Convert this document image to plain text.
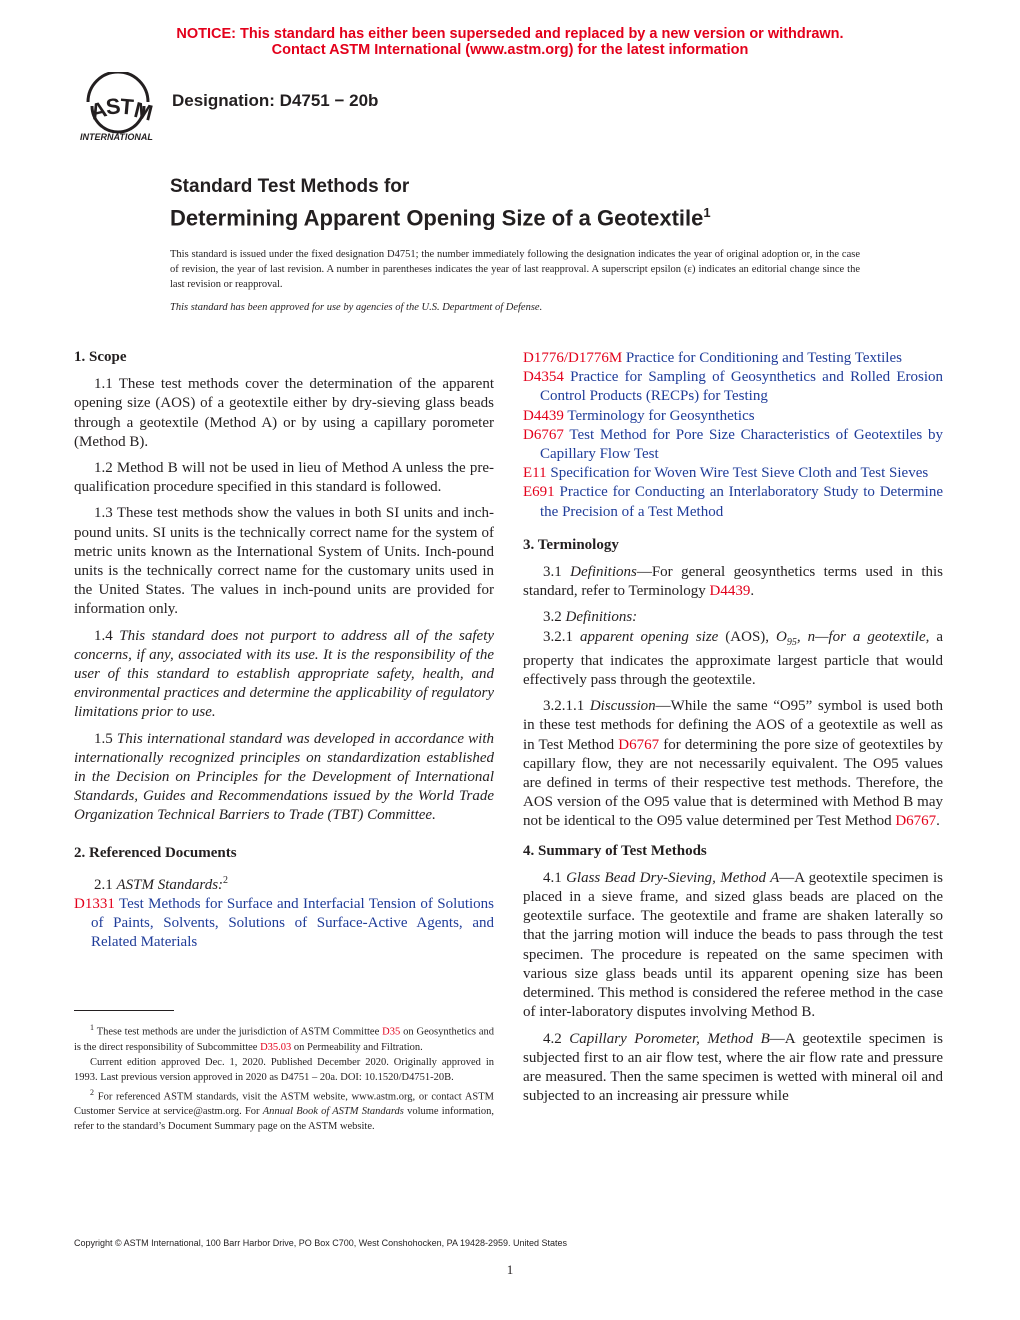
NOTICE: This standard has either been superseded and replaced by a new version or withdrawn.
Contact ASTM International (www.astm.org) for the latest information
A
S
T
M
INTERNATIONAL
Designation: D4751 − 20b
Standard Test Methods for
Determining Apparent Opening Size of a Geotextile$^1$
This standard is issued under the fixed designation D4751; the number immediately following the designation indicates the year of original adoption or, in the case of revision, the year of last revision. A number in parentheses indicates the year of last reapproval. A superscript epsilon (ε) indicates an editorial change since the last revision or reapproval.
This standard has been approved for use by agencies of the U.S. Department of Defense.
1. Scope

1.1 These test methods cover the determination of the apparent opening size (AOS) of a geotextile either by dry-sieving glass beads through a geotextile (Method A) or by using a capillary porometer (Method B).

1.2 Method B will not be used in lieu of Method A unless the pre-qualification procedure specified in this standard is followed.

1.3 These test methods show the values in both SI units and inch-pound units. SI units is the technically correct name for the system of metric units known as the International System of Units. Inch-pound units is the technically correct name for the customary units used in the United States. The values in inch-pound units are provided for information only.

1.4 This standard does not purport to address all of the safety concerns, if any, associated with its use. It is the responsibility of the user of this standard to establish appropriate safety, health, and environmental practices and determine the applicability of regulatory limitations prior to use.

1.5 This international standard was developed in accordance with internationally recognized principles on standardization established in the Decision on Principles for the Development of International Standards, Guides and Recommendations issued by the World Trade Organization Technical Barriers to Trade (TBT) Committee.

2. Referenced Documents

2.1 ASTM Standards:$^2$

D1331 Test Methods for Surface and Interfacial Tension of Solutions of Paints, Solvents, Solutions of Surface-Active Agents, and Related Materials

D1776/D1776M Practice for Conditioning and Testing Textiles

D4354 Practice for Sampling of Geosynthetics and Rolled Erosion Control Products (RECPs) for Testing

D4439 Terminology for Geosynthetics

D6767 Test Method for Pore Size Characteristics of Geotextiles by Capillary Flow Test

E11 Specification for Woven Wire Test Sieve Cloth and Test Sieves

E691 Practice for Conducting an Interlaboratory Study to Determine the Precision of a Test Method

3. Terminology

3.1 Definitions—For general geosynthetics terms used in this standard, refer to Terminology D4439.

3.2 Definitions:

3.2.1 apparent opening size (AOS), $O_{95}$, n—for a geotextile, a property that indicates the approximate largest particle that would effectively pass through the geotextile.

3.2.1.1 Discussion—While the same “O95” symbol is used both in these test methods for defining the AOS of a geotextile as well as in Test Method D6767 for determining the pore size of geotextiles by capillary flow, they are not necessarily equivalent. The O95 values are defined in terms of their respective test methods. Therefore, the AOS version of the O95 value that is determined with Method B may not be identical to the O95 value determined per Test Method D6767.

4. Summary of Test Methods

4.1 Glass Bead Dry-Sieving, Method A—A geotextile specimen is placed in a sieve frame, and sized glass beads are placed on the geotextile surface. The geotextile and frame are shaken laterally so that the jarring motion will induce the beads to pass through the test specimen. The procedure is repeated on the same specimen with various size glass beads until its apparent opening size has been determined. This method is considered the referee method in the case of inter-laboratory disputes involving Method B.

4.2 Capillary Porometer, Method B—A geotextile specimen is subjected first to an air flow test, where the air flow rate and pressure are measured. Then the same specimen is wetted with mineral oil and subjected to an increasing air pressure while

$^1$ These test methods are under the jurisdiction of ASTM Committee D35 on Geosynthetics and is the direct responsibility of Subcommittee D35.03 on Permeability and Filtration.

Current edition approved Dec. 1, 2020. Published December 2020. Originally approved in 1993. Last previous version approved in 2020 as D4751 – 20a. DOI: 10.1520/D4751-20B.

$^2$ For referenced ASTM standards, visit the ASTM website, www.astm.org, or contact ASTM Customer Service at service@astm.org. For Annual Book of ASTM Standards volume information, refer to the standard’s Document Summary page on the ASTM website.

Copyright © ASTM International, 100 Barr Harbor Drive, PO Box C700, West Conshohocken, PA 19428-2959. United States
1
